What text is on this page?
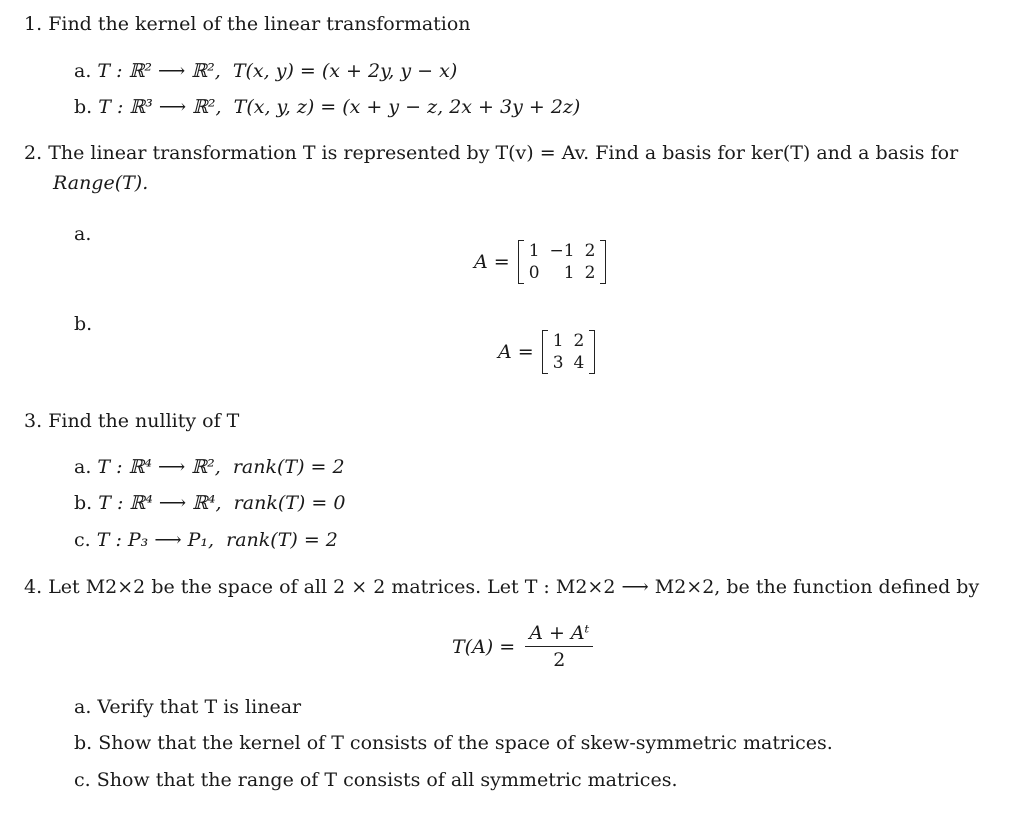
1. Find the kernel of the linear transformation
a. T : ℝ² ⟶ ℝ², T(x, y) = (x + 2y, y − x)
b. T : ℝ³ ⟶ ℝ², T(x, y, z) = (x + y − z, 2x + 3y + 2z)
2. The linear transformation T is represented by T(v) = Av. Find a basis for ker(T) and a basis for
Range(T).
a.
A = 1	−1	2
0	1	2
b.
A = 1	2
3	4
3. Find the nullity of T
a. T : ℝ⁴ ⟶ ℝ², rank(T) = 2
b. T : ℝ⁴ ⟶ ℝ⁴, rank(T) = 0
c. T : P₃ ⟶ P₁, rank(T) = 2
4. Let M2×2 be the space of all 2 × 2 matrices. Let T : M2×2 ⟶ M2×2, be the function defined by
$T(A) = \frac{\text{A + Aᵗ}}{2}$
a. Verify that T is linear
b. Show that the kernel of T consists of the space of skew-symmetric matrices.
c. Show that the range of T consists of all symmetric matrices.
